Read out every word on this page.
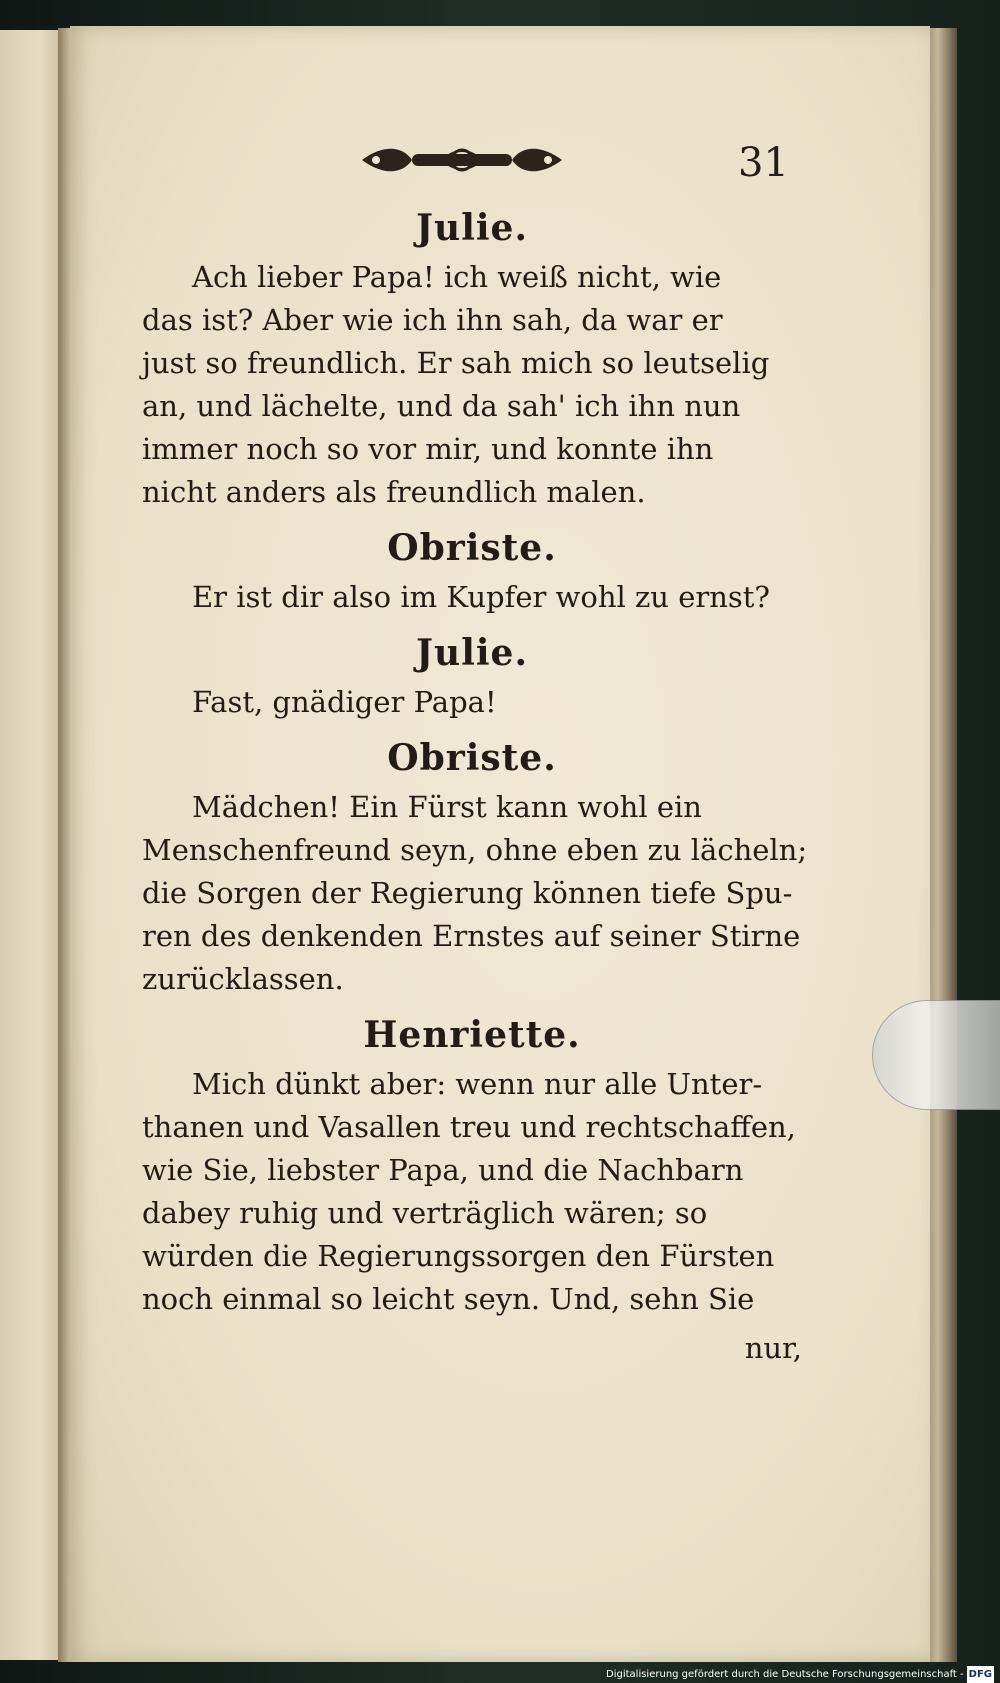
31

Julie.

Ach lieber Papa! ich weiß nicht, wie
das ist? Aber wie ich ihn sah, da war er
just so freundlich. Er sah mich so leutselig
an, und lächelte, und da sah' ich ihn nun
immer noch so vor mir, und konnte ihn
nicht anders als freundlich malen.

Obriste.

Er ist dir also im Kupfer wohl zu ernst?

Julie.

Fast, gnädiger Papa!

Obriste.

Mädchen! Ein Fürst kann wohl ein
Menschenfreund seyn, ohne eben zu lächeln;
die Sorgen der Regierung können tiefe Spu-
ren des denkenden Ernstes auf seiner Stirne
zurücklassen.

Henriette.

Mich dünkt aber: wenn nur alle Unter-
thanen und Vasallen treu und rechtschaffen,
wie Sie, liebster Papa, und die Nachbarn
dabey ruhig und verträglich wären; so
würden die Regierungssorgen den Fürsten
noch einmal so leicht seyn. Und, sehn Sie

nur,

Digitalisierung gefördert durch die Deutsche Forschungsgemeinschaft - DFG
